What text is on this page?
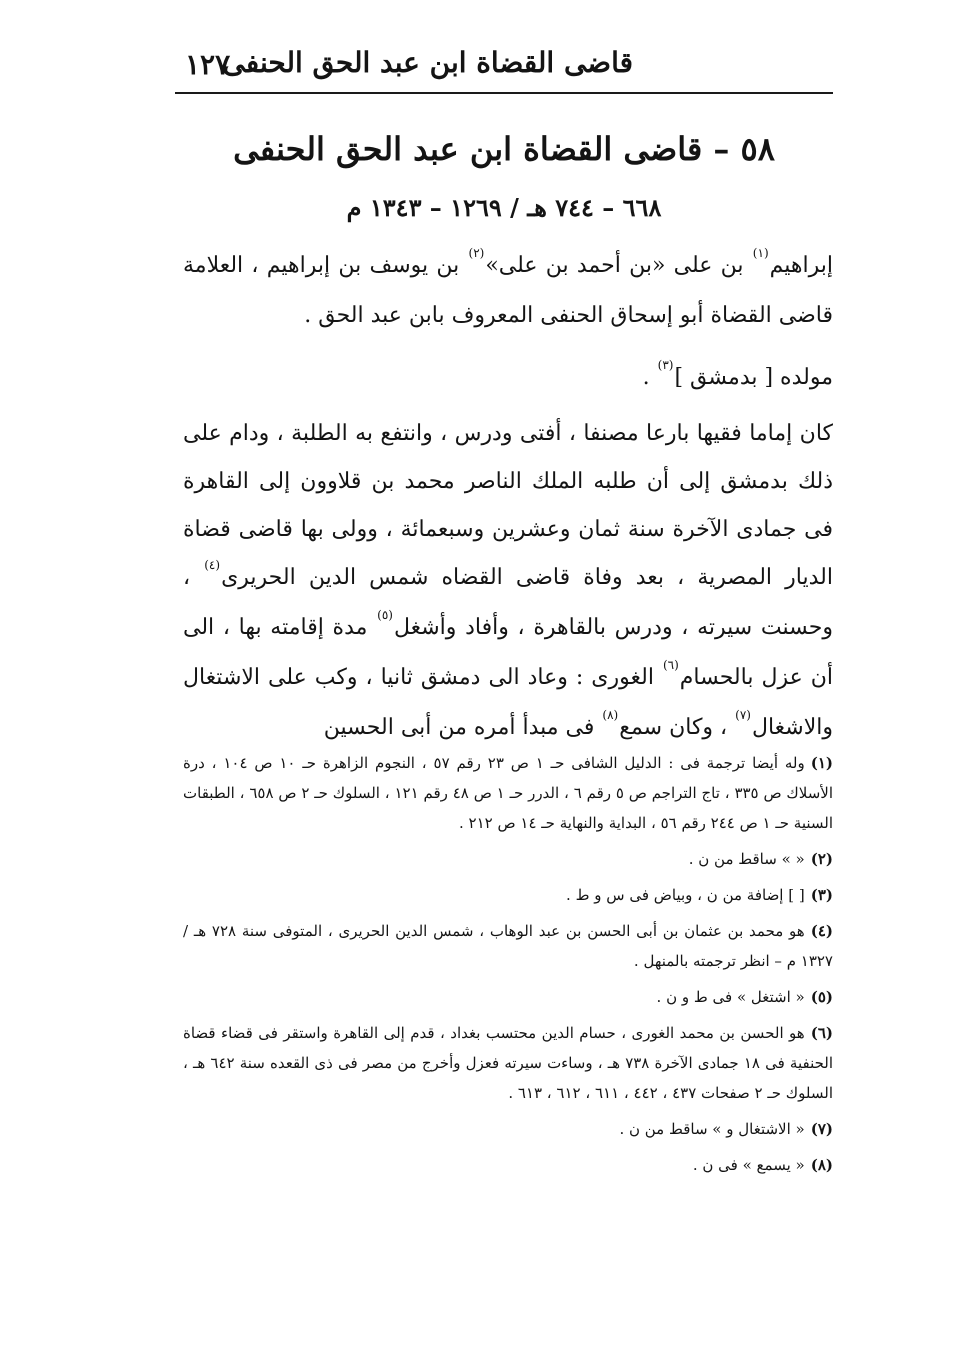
قاضى القضاة ابن عبد الحق الحنفى
١٢٧
٥٨ – قاضى القضاة ابن عبد الحق الحنفى
٦٦٨ – ٧٤٤ هـ / ١٢٦٩ – ١٣٤٣ م
إبراهيم$^{(١)}$ بن على «بن أحمد بن على»$^{(٢)}$ بن يوسف بن إبراهيم ، العلامة قاضى القضاة أبو إسحاق الحنفى المعروف بابن عبد الحق .
مولده [ بدمشق ]$^{(٣)}$ .
كان إماما فقيها بارعا مصنفا ، أفتى ودرس ، وانتفع به الطلبة ، ودام على ذلك بدمشق إلى أن طلبه الملك الناصر محمد بن قلاوون إلى القاهرة فى جمادى الآخرة سنة ثمان وعشرين وسبعمائة ، وولى بها قاضى قضاة الديار المصرية ، بعد وفاة قاضى القضاه شمس الدين الحريرى$^{(٤)}$ ، وحسنت سيرته ، ودرس بالقاهرة ، وأفاد وأشغل$^{(٥)}$ مدة إقامته بها ، الى أن عزل بالحسام$^{(٦)}$ الغورى : وعاد الى دمشق ثانيا ، وكب على الاشتغال والاشغال$^{(٧)}$ ، وكان سمع$^{(٨)}$ فى مبدأ أمره من أبى الحسين
(١)وله أيضا ترجمة فى : الدليل الشافى حـ ١ ص ٢٣ رقم ٥٧ ، النجوم الزاهرة حـ ١٠ ص ١٠٤ ، درة الأسلاك ص ٣٣٥ ، تاج التراجم ص ٥ رقم ٦ ، الدرر حـ ١ ص ٤٨ رقم ١٢١ ، السلوك حـ ٢ ص ٦٥٨ ، الطبقات السنية حـ ١ ص ٢٤٤ رقم ٥٦ ، البداية والنهاية حـ ١٤ ص ٢١٢ .
(٢)« » ساقط من ن .
(٣)[ ] إضافة من ن ، وبياض فى س و ط .
(٤)هو محمد بن عثمان بن أبى الحسن بن عبد الوهاب ، شمس الدين الحريرى ، المتوفى سنة ٧٢٨ هـ / ١٣٢٧ م – انظر ترجمته بالمنهل .
(٥)« اشتغل » فى ط و ن .
(٦)هو الحسن بن محمد الغورى ، حسام الدين محتسب بغداد ، قدم إلى القاهرة واستقر فى قضاء قضاة الحنفية فى ١٨ جمادى الآخرة ٧٣٨ هـ ، وساءت سيرته فعزل وأخرج من مصر فى ذى القعده سنة ٦٤٢ هـ ، السلوك حـ ٢ صفحات ٤٣٧ ، ٤٤٢ ، ٦١١ ، ٦١٢ ، ٦١٣ .
(٧)« الاشتغال و » ساقط من ن .
(٨)« يسمع » فى ن .
